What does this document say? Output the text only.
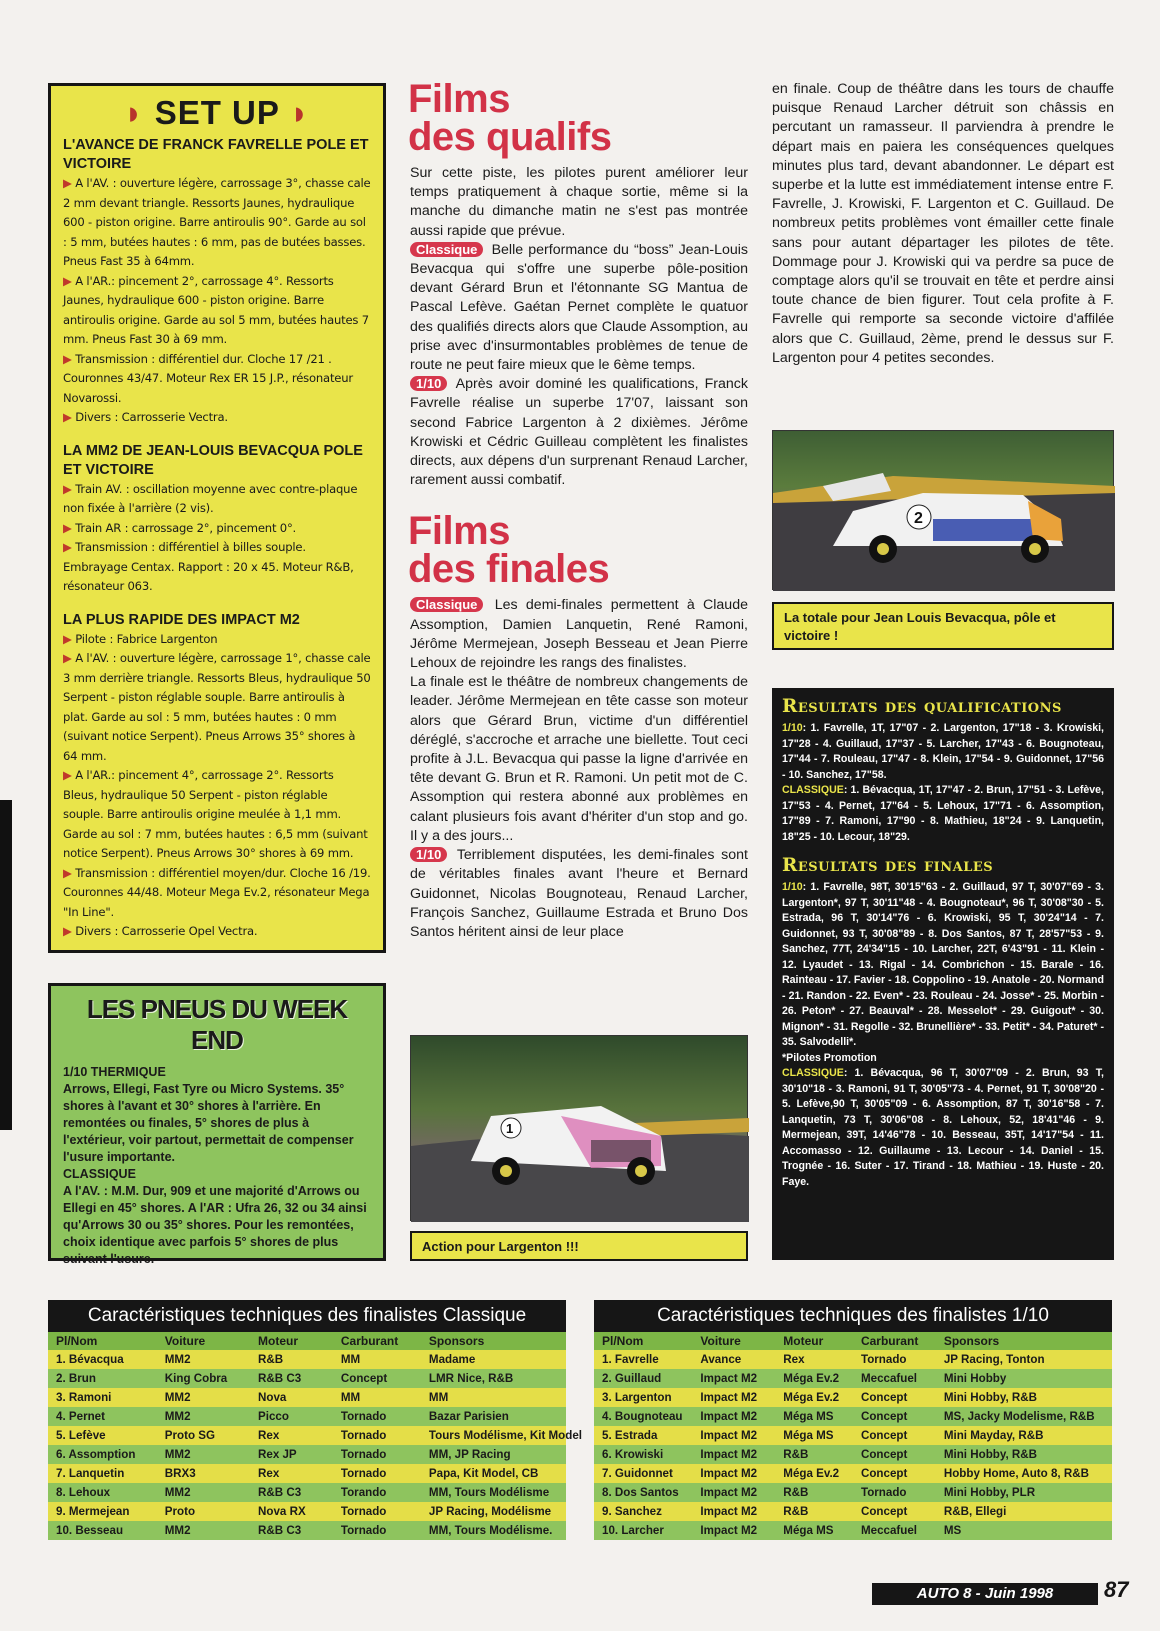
◗ SET UP ◗
L'AVANCE DE FRANCK FAVRELLE POLE ET VICTOIRE

▶ A l'AV. : ouverture légère, carrossage 3°, chasse cale 2 mm devant triangle. Ressorts Jaunes, hydraulique 600 - piston origine. Barre antiroulis 90°. Garde au sol : 5 mm, butées hautes : 6 mm, pas de butées basses. Pneus Fast 35 à 64mm.

▶ A l'AR.: pincement 2°, carrossage 4°. Ressorts Jaunes, hydraulique 600 - piston origine. Barre antiroulis origine. Garde au sol 5 mm, butées hautes 7 mm. Pneus Fast 30 à 69 mm.

▶ Transmission : différentiel dur. Cloche 17 /21 . Couronnes 43/47. Moteur Rex ER 15 J.P., résonateur Novarossi.

▶ Divers : Carrosserie Vectra.

LA MM2 DE JEAN-LOUIS BEVACQUA POLE ET VICTOIRE

▶ Train AV. : oscillation moyenne avec contre-plaque non fixée à l'arrière (2 vis).

▶ Train AR : carrossage 2°, pincement 0°.

▶ Transmission : différentiel à billes souple. Embrayage Centax. Rapport : 20 x 45. Moteur R&B, résonateur 063.

LA PLUS RAPIDE DES IMPACT M2

▶ Pilote : Fabrice Largenton

▶ A l'AV. : ouverture légère, carrossage 1°, chasse cale 3 mm derrière triangle. Ressorts Bleus, hydraulique 50 Serpent - piston réglable souple. Barre antiroulis à plat. Garde au sol : 5 mm, butées hautes : 0 mm (suivant notice Serpent). Pneus Arrows 35° shores à 64 mm.

▶ A l'AR.: pincement 4°, carrossage 2°. Ressorts Bleus, hydraulique 50 Serpent - piston réglable souple. Barre antiroulis origine meulée à 1,1 mm. Garde au sol : 7 mm, butées hautes : 6,5 mm (suivant notice Serpent). Pneus Arrows 30° shores à 69 mm.

▶ Transmission : différentiel moyen/dur. Cloche 16 /19. Couronnes 44/48. Moteur Mega Ev.2, résonateur Mega "In Line".

▶ Divers : Carrosserie Opel Vectra.

LES PNEUS DU WEEK END
1/10 THERMIQUE

Arrows, Ellegi, Fast Tyre ou Micro Systems. 35° shores à l'avant et 30° shores à l'arrière. En remontées ou finales, 5° shores de plus à l'extérieur, voir partout, permettait de compenser l'usure importante.

CLASSIQUE

A l'AV. : M.M. Dur, 909 et une majorité d'Arrows ou Ellegi en 45° shores. A l'AR : Ufra 26, 32 ou 34 ainsi qu'Arrows 30 ou 35° shores. Pour les remontées, choix identique avec parfois 5° shores de plus suivant l'usure.

Films
des qualifs

Sur cette piste, les pilotes purent améliorer leur temps pratiquement à chaque sortie, même si la manche du dimanche matin ne s'est pas montrée aussi rapide que prévue.

Classique Belle performance du “boss” Jean-Louis Bevacqua qui s'offre une superbe pôle-position devant Gérard Brun et l'étonnante SG Mantua de Pascal Lefève. Gaétan Pernet complète le quatuor des qualifiés directs alors que Claude Assomption, au prise avec d'insurmontables problèmes de tenue de route ne peut faire mieux que le 6ème temps.

1/10 Après avoir dominé les qualifications, Franck Favrelle réalise un superbe 17'07, laissant son second Fabrice Largenton à 2 dixièmes. Jérôme Krowiski et Cédric Guilleau complètent les finalistes directs, aux dépens d'un surprenant Renaud Larcher, rarement aussi combatif.

Films
des finales

Classique Les demi-finales permettent à Claude Assomption, Damien Lanquetin, René Ramoni, Jérôme Mermejean, Joseph Besseau et Jean Pierre Lehoux de rejoindre les rangs des finalistes.

La finale est le théâtre de nombreux changements de leader. Jérôme Mermejean en tête casse son moteur alors que Gérard Brun, victime d'un différentiel déréglé, s'accroche et arrache une biellette. Tout ceci profite à J.L. Bevacqua qui passe la ligne d'arrivée en tête devant G. Brun et R. Ramoni. Un petit mot de C. Assomption qui restera abonné aux problèmes en calant plusieurs fois avant d'hériter d'un stop and go. Il y a des jours...

1/10 Terriblement disputées, les demi-finales sont de véritables finales avant l'heure et Bernard Guidonnet, Nicolas Bougnoteau, Renaud Larcher, François Sanchez, Guillaume Estrada et Bruno Dos Santos héritent ainsi de leur place

en finale. Coup de théâtre dans les tours de chauffe puisque Renaud Larcher détruit son châssis en percutant un ramasseur. Il parviendra à prendre le départ mais en paiera les conséquences quelques minutes plus tard, devant abandonner. Le départ est superbe et la lutte est immédiatement intense entre F. Favrelle, J. Krowiski, F. Largenton et C. Guillaud. De nombreux petits problèmes vont émailler cette finale sans pour autant départager les pilotes de tête. Dommage pour J. Krowiski qui va perdre sa puce de comptage alors qu'il se trouvait en tête et perdre ainsi toute chance de bien figurer. Tout cela profite à F. Favrelle qui remporte sa seconde victoire d'affilée alors que C. Guillaud, 2ème, prend le dessus sur F. Largenton pour 4 petites secondes.

2
La totale pour Jean Louis Bevacqua, pôle et victoire !
1
Action pour Largenton !!!
Resultats des qualifications

1/10: 1. Favrelle, 1T, 17"07 - 2. Largenton, 17"18 - 3. Krowiski, 17"28 - 4. Guillaud, 17"37 - 5. Larcher, 17"43 - 6. Bougnoteau, 17"44 - 7. Rouleau, 17"47 - 8. Klein, 17"54 - 9. Guidonnet, 17"56 - 10. Sanchez, 17"58.

CLASSIQUE: 1. Bévacqua, 1T, 17"47 - 2. Brun, 17"51 - 3. Lefève, 17"53 - 4. Pernet, 17"64 - 5. Lehoux, 17"71 - 6. Assomption, 17"89 - 7. Ramoni, 17"90 - 8. Mathieu, 18"24 - 9. Lanquetin, 18"25 - 10. Lecour, 18"29.

Resultats des finales

1/10: 1. Favrelle, 98T, 30'15"63 - 2. Guillaud, 97 T, 30'07"69 - 3. Largenton*, 97 T, 30'11"48 - 4. Bougnoteau*, 96 T, 30'08"30 - 5. Estrada, 96 T, 30'14"76 - 6. Krowiski, 95 T, 30'24"14 - 7. Guidonnet, 93 T, 30'08"89 - 8. Dos Santos, 87 T, 28'57"53 - 9. Sanchez, 77T, 24'34"15 - 10. Larcher, 22T, 6'43"91 - 11. Klein - 12. Lyaudet - 13. Rigal - 14. Combrichon - 15. Barale - 16. Rainteau - 17. Favier - 18. Coppolino - 19. Anatole - 20. Normand - 21. Randon - 22. Even* - 23. Rouleau - 24. Josse* - 25. Morbin - 26. Peton* - 27. Beauval* - 28. Messelot* - 29. Guigout* - 30. Mignon* - 31. Regolle - 32. Brunellière* - 33. Petit* - 34. Paturet* - 35. Salvodelli*.

*Pilotes Promotion

CLASSIQUE: 1. Bévacqua, 96 T, 30'07"09 - 2. Brun, 93 T, 30'10"18 - 3. Ramoni, 91 T, 30'05"73 - 4. Pernet, 91 T, 30'08"20 - 5. Lefève,90 T, 30'05"09 - 6. Assomption, 87 T, 30'16"58 - 7. Lanquetin, 73 T, 30'06"08 - 8. Lehoux, 52, 18'41"46 - 9. Mermejean, 39T, 14'46"78 - 10. Besseau, 35T, 14'17"54 - 11. Accomasso - 12. Guillaume - 13. Lecour - 14. Daniel - 15. Trognée - 16. Suter - 17. Tirand - 18. Mathieu - 19. Huste - 20. Faye.

Caractéristiques techniques des finalistes Classique
Pl/Nom	Voiture	Moteur	Carburant	Sponsors
1. Bévacqua	MM2	R&B	MM	Madame
2. Brun	King Cobra	R&B C3	Concept	LMR Nice, R&B
3. Ramoni	MM2	Nova	MM	MM
4. Pernet	MM2	Picco	Tornado	Bazar Parisien
5. Lefève	Proto SG	Rex	Tornado	Tours Modélisme, Kit Model
6. Assomption	MM2	Rex JP	Tornado	MM, JP Racing
7. Lanquetin	BRX3	Rex	Tornado	Papa, Kit Model, CB
8. Lehoux	MM2	R&B C3	Torando	MM, Tours Modélisme
9. Mermejean	Proto	Nova RX	Tornado	JP Racing, Modélisme
10. Besseau	MM2	R&B C3	Tornado	MM, Tours Modélisme.
Caractéristiques techniques des finalistes 1/10
Pl/Nom	Voiture	Moteur	Carburant	Sponsors
1. Favrelle	Avance	Rex	Tornado	JP Racing, Tonton
2. Guillaud	Impact M2	Méga Ev.2	Meccafuel	Mini Hobby
3. Largenton	Impact M2	Méga Ev.2	Concept	Mini Hobby, R&B
4. Bougnoteau	Impact M2	Méga MS	Concept	MS, Jacky Modelisme, R&B
5. Estrada	Impact M2	Méga MS	Concept	Mini Mayday, R&B
6. Krowiski	Impact M2	R&B	Concept	Mini Hobby, R&B
7. Guidonnet	Impact M2	Méga Ev.2	Concept	Hobby Home, Auto 8, R&B
8. Dos Santos	Impact M2	R&B	Tornado	Mini Hobby, PLR
9. Sanchez	Impact M2	R&B	Concept	R&B, Ellegi
10. Larcher	Impact M2	Méga MS	Meccafuel	MS
AUTO 8 - Juin 1998	87
